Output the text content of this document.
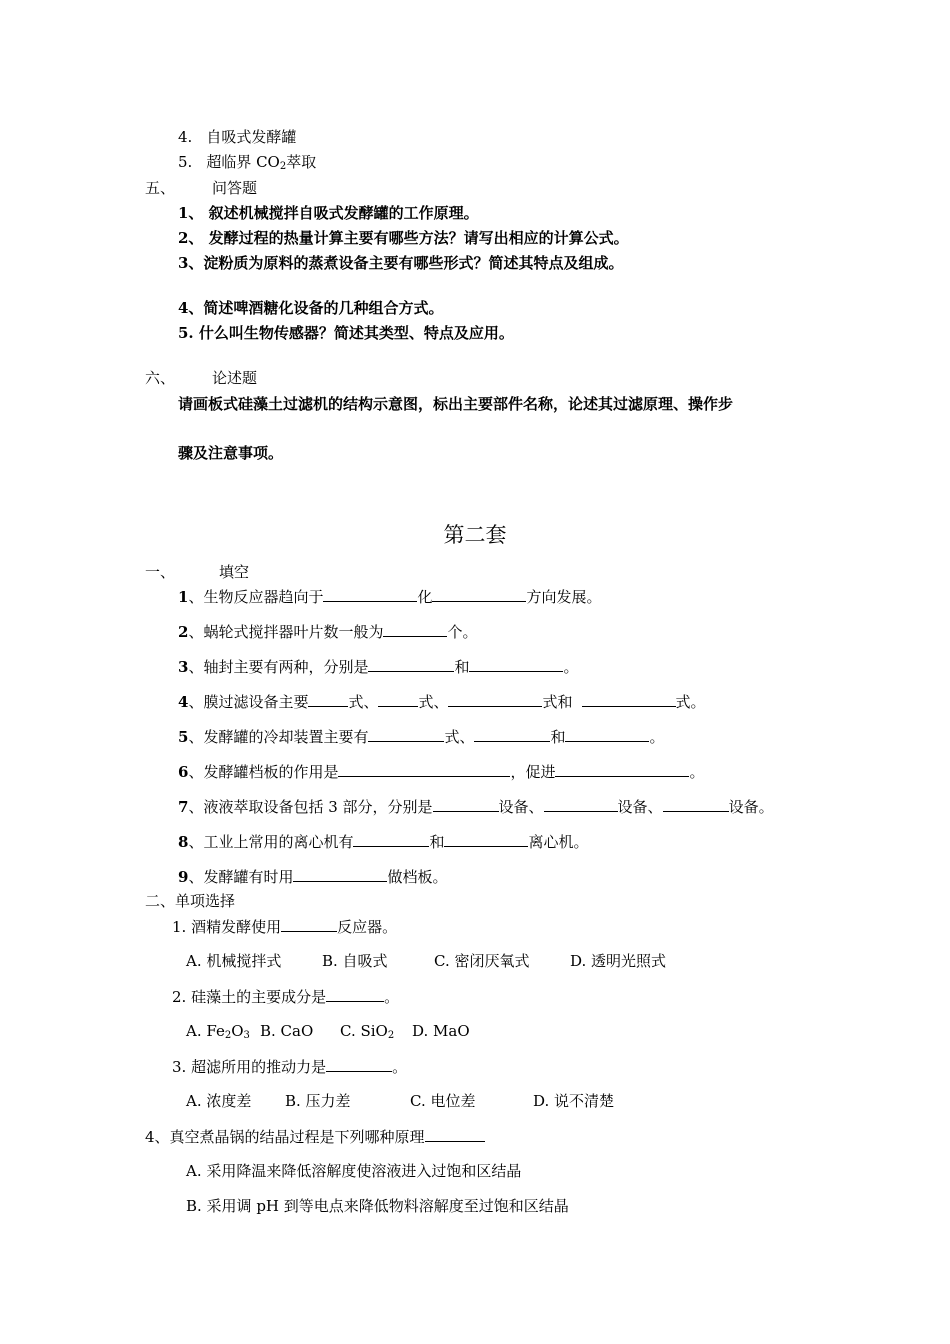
4. 自吸式发酵罐
5. 超临界 $CO_2$萃取
五、 问答题
1、 叙述机械搅拌自吸式发酵罐的工作原理。
2、 发酵过程的热量计算主要有哪些方法？请写出相应的计算公式。
3、淀粉质为原料的蒸煮设备主要有哪些形式？简述其特点及组成。
4、简述啤酒糖化设备的几种组合方式。
5. 什么叫生物传感器？简述其类型、特点及应用。
六、 论述题
请画板式硅藻土过滤机的结构示意图，标出主要部件名称，论述其过滤原理、操作步
骤及注意事项。
第二套
一、	填空
1、生物反应器趋向于	化	方向发展。
2、蜗轮式搅拌器叶片数一般为	个。
3、轴封主要有两种，分别是	和	。
4、膜过滤设备主要	式、	式、	式和	式。
5、发酵罐的冷却装置主要有	式、	和	。
6、发酵罐档板的作用是	，促进	。
7、液液萃取设备包括 3 部分，分别是	设备、	设备、	设备。
8、工业上常用的离心机有	和	离心机。
9、发酵罐有时用	做档板。
二、单项选择
1. 酒精发酵使用	反应器。
A. 机械搅拌式	B. 自吸式	C. 密闭厌氧式	D. 透明光照式
2. 硅藻土的主要成分是	。
A. $Fe_2O_3$ B. CaO C. SiO$_2$ D. MaO
3. 超滤所用的推动力是	。
A. 浓度差 B. 压力差	C. 电位差	D. 说不清楚
4、真空煮晶锅的结晶过程是下列哪种原理
A. 采用降温来降低溶解度使溶液进入过饱和区结晶
B. 采用调 pH 到等电点来降低物料溶解度至过饱和区结晶
